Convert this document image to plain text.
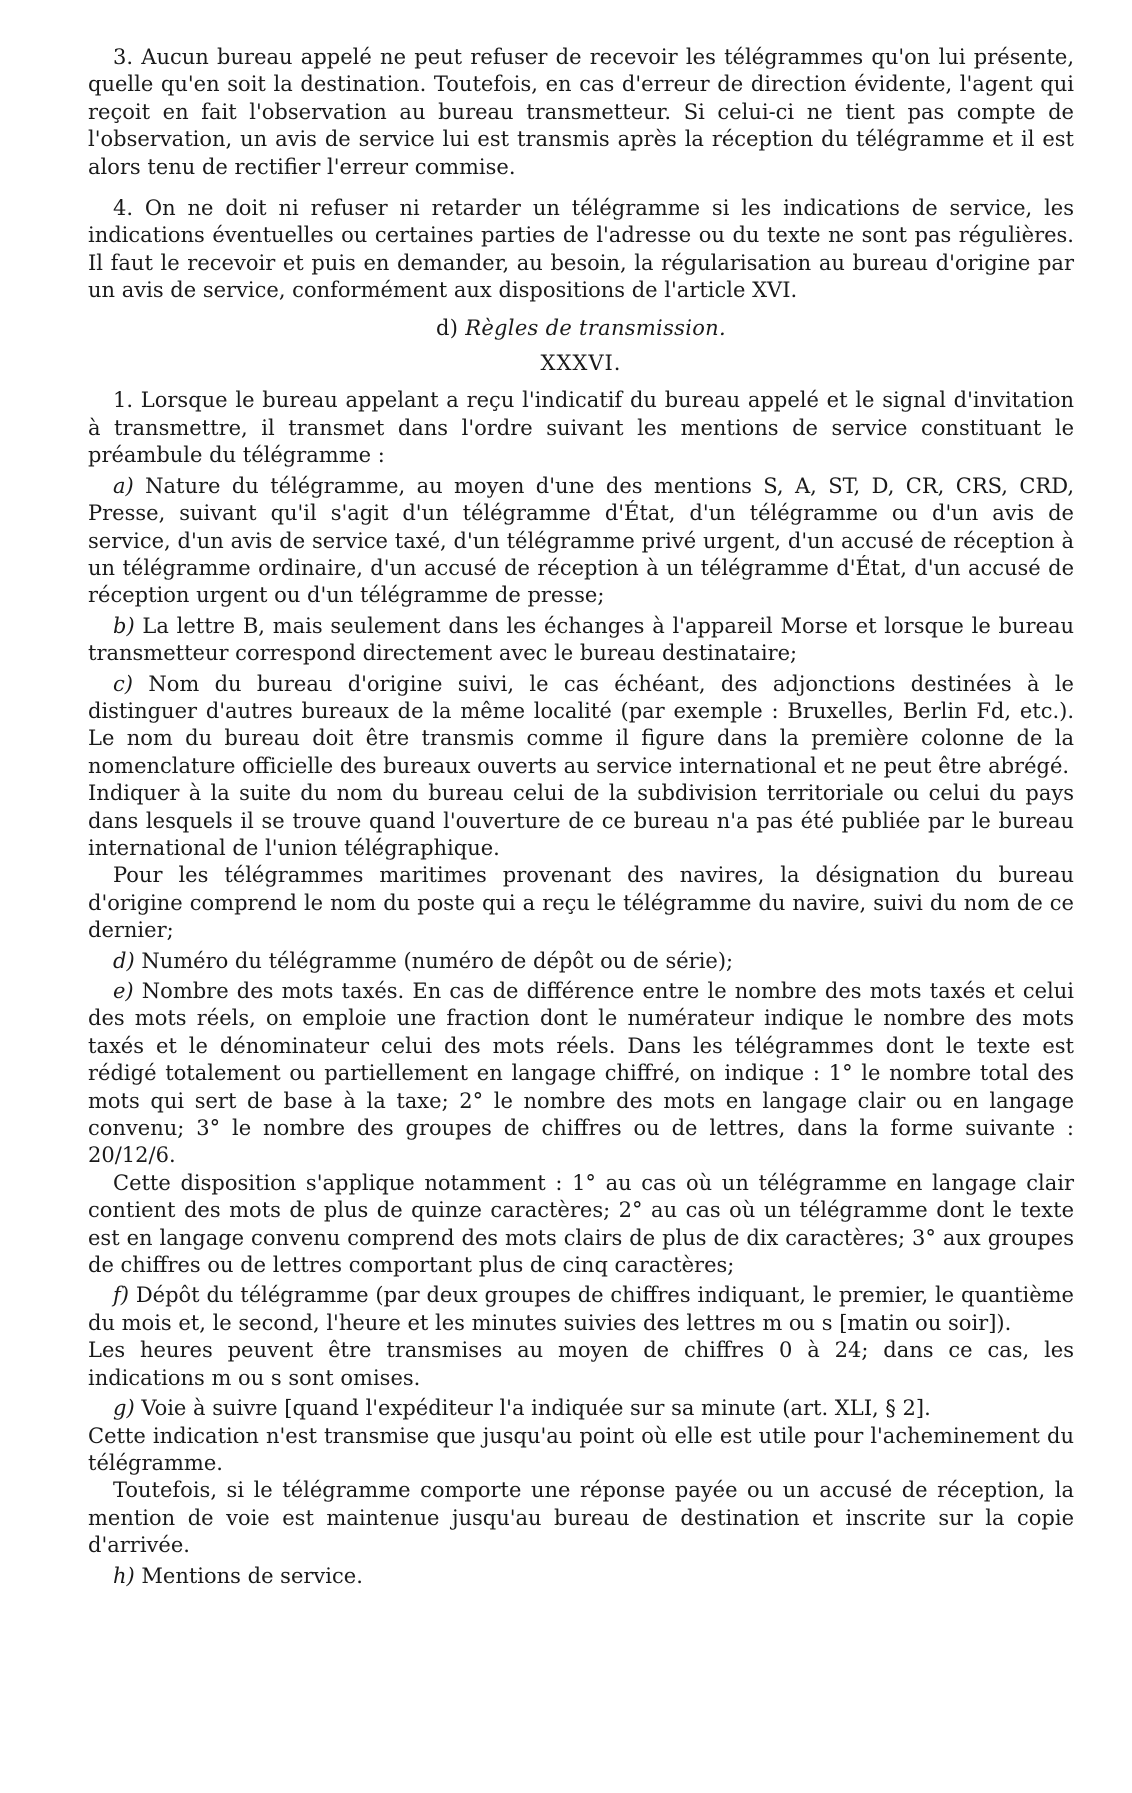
3. Aucun bureau appelé ne peut refuser de recevoir les télégrammes qu'on lui présente, quelle qu'en soit la destination. Toutefois, en cas d'erreur de direction évidente, l'agent qui reçoit en fait l'observation au bureau transmetteur. Si celui-ci ne tient pas compte de l'observation, un avis de service lui est transmis après la réception du télégramme et il est alors tenu de rectifier l'erreur commise.

4. On ne doit ni refuser ni retarder un télégramme si les indications de service, les indications éventuelles ou certaines parties de l'adresse ou du texte ne sont pas régulières. Il faut le recevoir et puis en demander, au besoin, la régularisation au bureau d'origine par un avis de service, conformément aux dispositions de l'article XVI.

d) Règles de transmission.

XXXVI.

1. Lorsque le bureau appelant a reçu l'indicatif du bureau appelé et le signal d'invitation à transmettre, il transmet dans l'ordre suivant les mentions de service constituant le préambule du télégramme :

a) Nature du télégramme, au moyen d'une des mentions S, A, ST, D, CR, CRS, CRD, Presse, suivant qu'il s'agit d'un télégramme d'État, d'un télégramme ou d'un avis de service, d'un avis de service taxé, d'un télégramme privé urgent, d'un accusé de réception à un télégramme ordinaire, d'un accusé de réception à un télégramme d'État, d'un accusé de réception urgent ou d'un télégramme de presse;

b) La lettre B, mais seulement dans les échanges à l'appareil Morse et lorsque le bureau transmetteur correspond directement avec le bureau destinataire;

c) Nom du bureau d'origine suivi, le cas échéant, des adjonctions destinées à le distinguer d'autres bureaux de la même localité (par exemple : Bruxelles, Berlin Fd, etc.). Le nom du bureau doit être transmis comme il figure dans la première colonne de la nomenclature officielle des bureaux ouverts au service international et ne peut être abrégé.

Indiquer à la suite du nom du bureau celui de la subdivision territoriale ou celui du pays dans lesquels il se trouve quand l'ouverture de ce bureau n'a pas été publiée par le bureau international de l'union télégraphique.

Pour les télégrammes maritimes provenant des navires, la désignation du bureau d'origine comprend le nom du poste qui a reçu le télégramme du navire, suivi du nom de ce dernier;

d) Numéro du télégramme (numéro de dépôt ou de série);

e) Nombre des mots taxés. En cas de différence entre le nombre des mots taxés et celui des mots réels, on emploie une fraction dont le numérateur indique le nombre des mots taxés et le dénominateur celui des mots réels. Dans les télégrammes dont le texte est rédigé totalement ou partiellement en langage chiffré, on indique : 1° le nombre total des mots qui sert de base à la taxe; 2° le nombre des mots en langage clair ou en langage convenu; 3° le nombre des groupes de chiffres ou de lettres, dans la forme suivante : 20/12/6.

Cette disposition s'applique notamment : 1° au cas où un télégramme en langage clair contient des mots de plus de quinze caractères; 2° au cas où un télégramme dont le texte est en langage convenu comprend des mots clairs de plus de dix caractères; 3° aux groupes de chiffres ou de lettres comportant plus de cinq caractères;

f) Dépôt du télégramme (par deux groupes de chiffres indiquant, le premier, le quantième du mois et, le second, l'heure et les minutes suivies des lettres m ou s [matin ou soir]).

Les heures peuvent être transmises au moyen de chiffres 0 à 24; dans ce cas, les indications m ou s sont omises.

g) Voie à suivre [quand l'expéditeur l'a indiquée sur sa minute (art. XLI, § 2].

Cette indication n'est transmise que jusqu'au point où elle est utile pour l'acheminement du télégramme.

Toutefois, si le télégramme comporte une réponse payée ou un accusé de réception, la mention de voie est maintenue jusqu'au bureau de destination et inscrite sur la copie d'arrivée.

h) Mentions de service.
